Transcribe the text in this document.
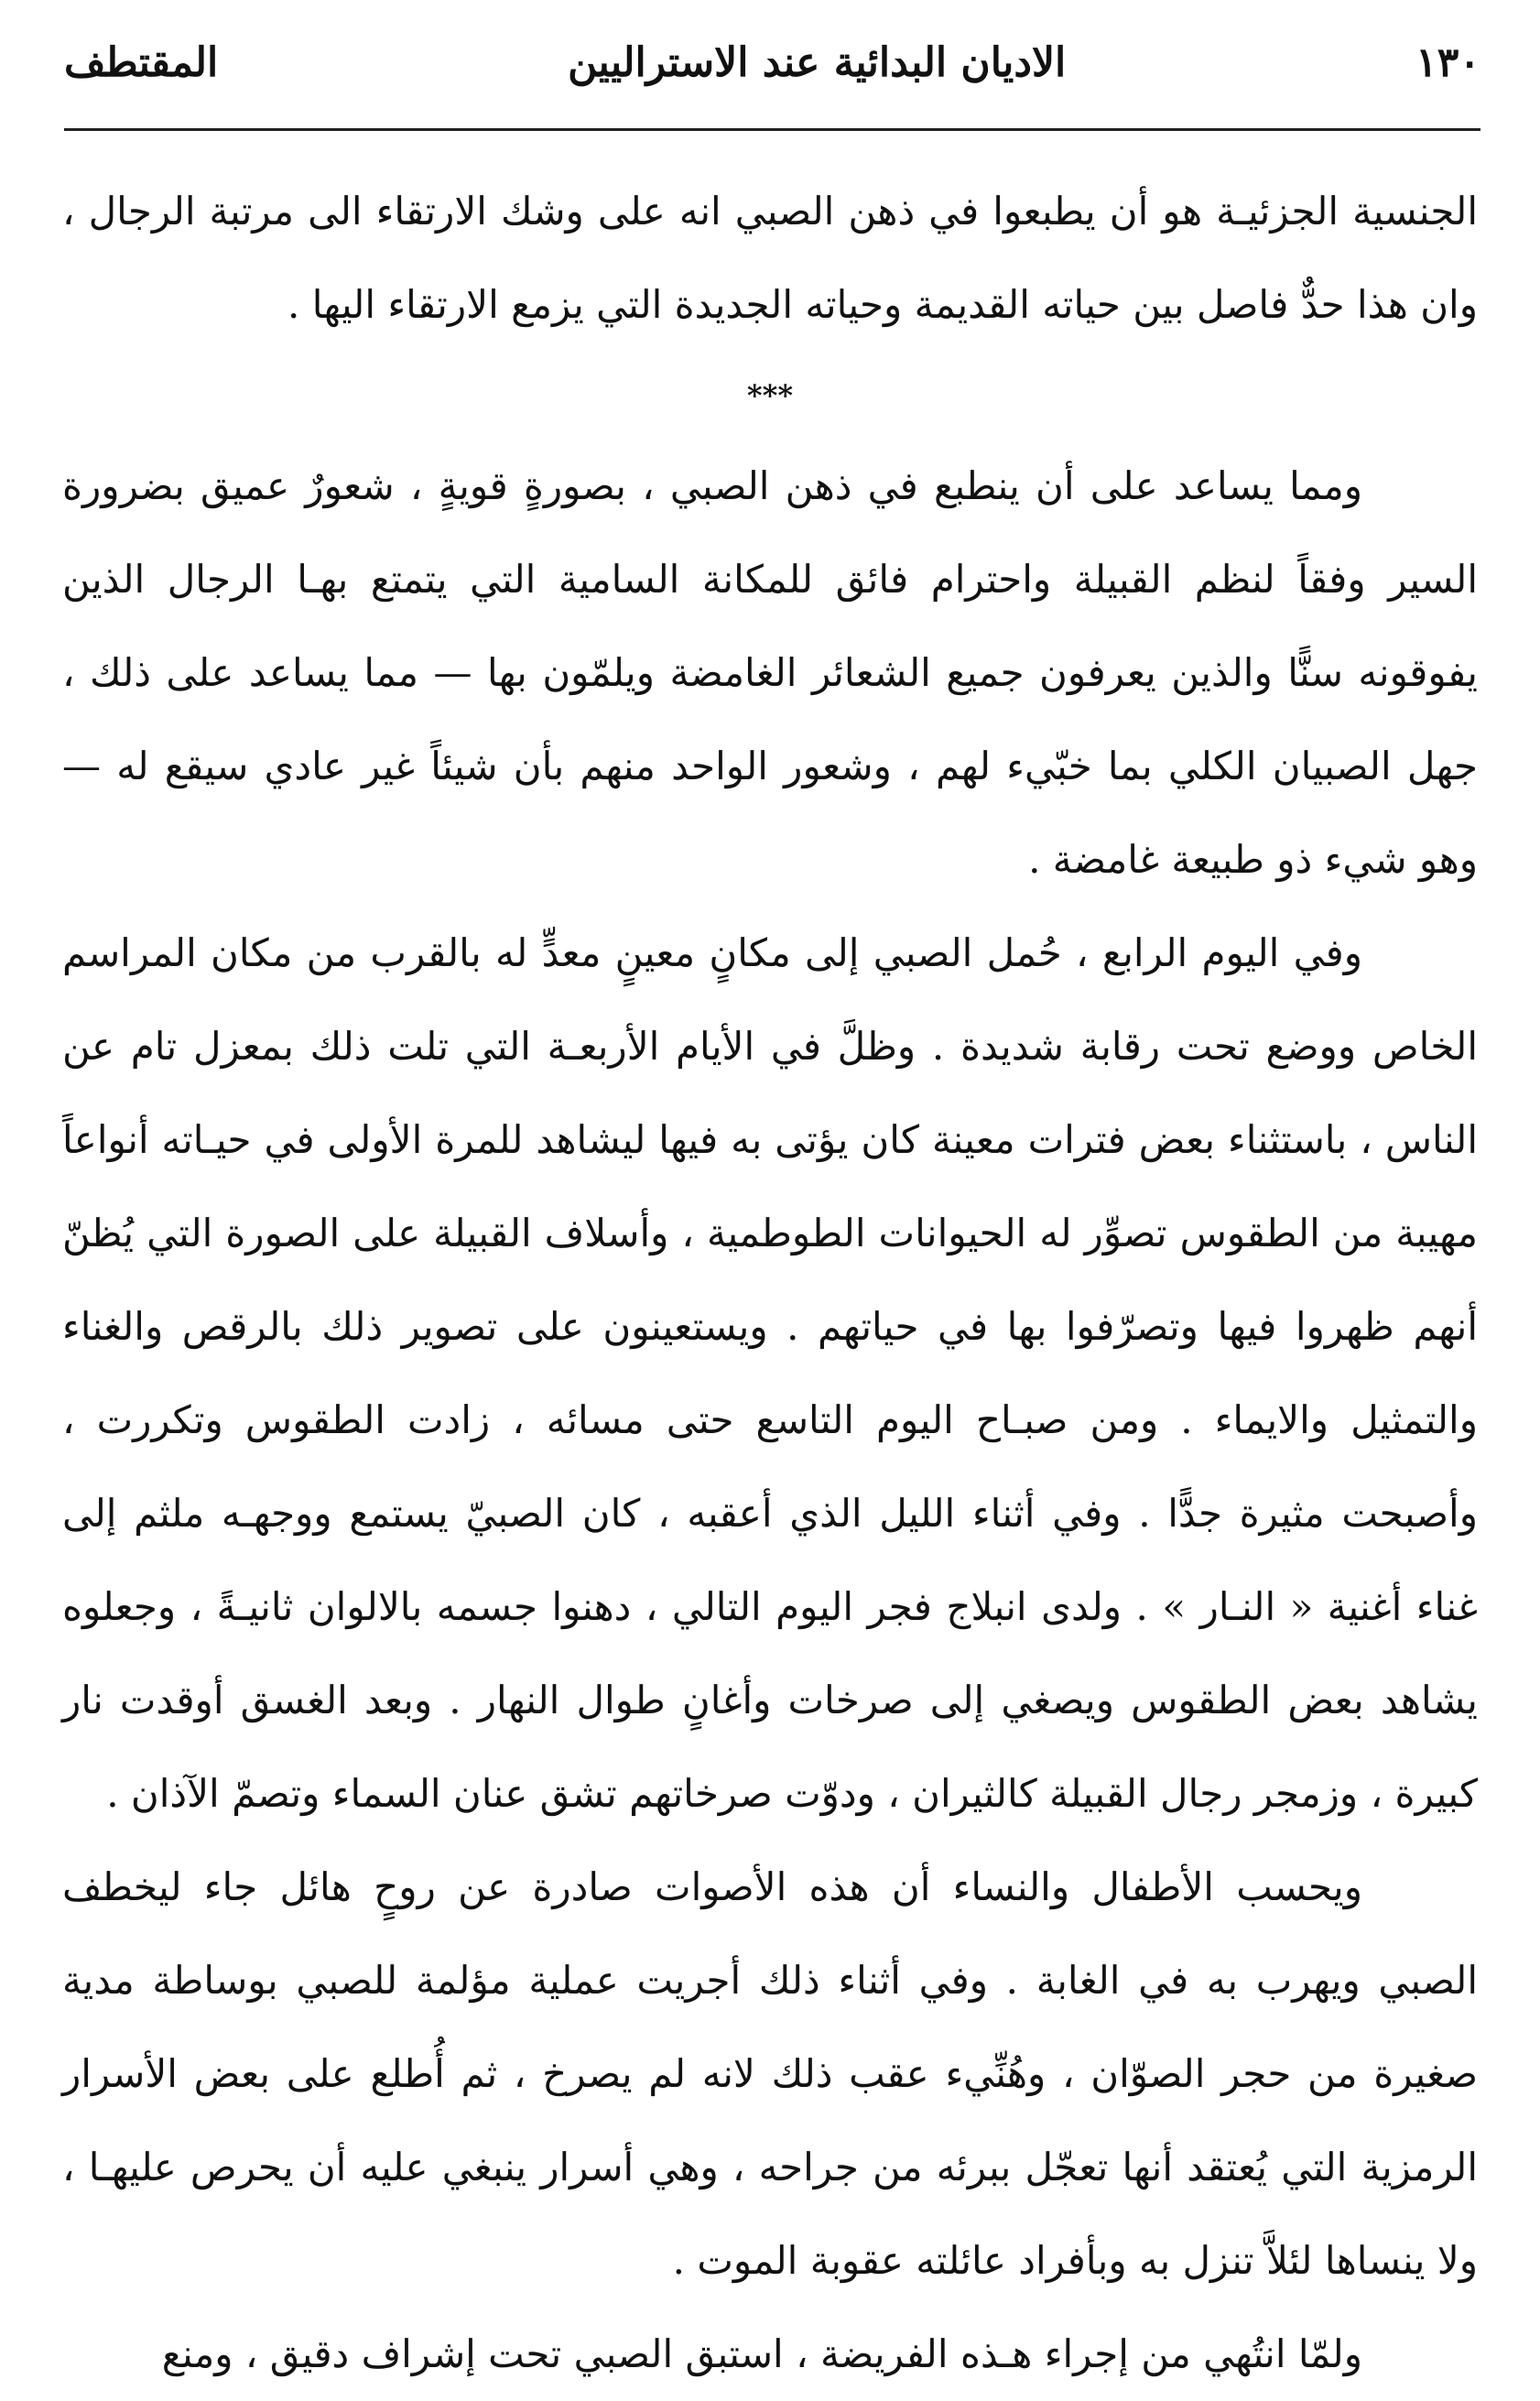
١٣٠
الاديان البدائية عند الاستراليين
المقتطف

الجنسية الجزئيـة هو أن يطبعوا في ذهن الصبي انه على وشك الارتقاء الى مرتبة الرجال ، وان هذا حدٌّ فاصل بين حياته القديمة وحياته الجديدة التي يزمع الارتقاء اليها .

***

ومما يساعد على أن ينطبع في ذهن الصبي ، بصورةٍ قويةٍ ، شعورٌ عميق بضرورة السير وفقاً لنظم القبيلة واحترام فائق للمكانة السامية التي يتمتع بهـا الرجال الذين يفوقونه سنًّا والذين يعرفون جميع الشعائر الغامضة ويلمّون بها — مما يساعد على ذلك ، جهل الصبيان الكلي بما خبّيء لهم ، وشعور الواحد منهم بأن شيئاً غير عادي سيقع له — وهو شيء ذو طبيعة غامضة .

وفي اليوم الرابع ، حُمل الصبي إلى مكانٍ معينٍ معدٍّ له بالقرب من مكان المراسم الخاص ووضع تحت رقابة شديدة . وظلَّ في الأيام الأربعـة التي تلت ذلك بمعزل تام عن الناس ، باستثناء بعض فترات معينة كان يؤتى به فيها ليشاهد للمرة الأولى في حيـاته أنواعاً مهيبة من الطقوس تصوِّر له الحيوانات الطوطمية ، وأسلاف القبيلة على الصورة التي يُظنّ أنهم ظهروا فيها وتصرّفوا بها في حياتهم . ويستعينون على تصوير ذلك بالرقص والغناء والتمثيل والايماء . ومن صبـاح اليوم التاسع حتى مسائه ، زادت الطقوس وتكررت ، وأصبحت مثيرة جدًّا . وفي أثناء الليل الذي أعقبه ، كان الصبيّ يستمع ووجهـه ملثم إلى غناء أغنية « النـار » . ولدى انبلاج فجر اليوم التالي ، دهنوا جسمه بالالوان ثانيـةً ، وجعلوه يشاهد بعض الطقوس ويصغي إلى صرخات وأغانٍ طوال النهار . وبعد الغسق أوقدت نار كبيرة ، وزمجر رجال القبيلة كالثيران ، ودوّت صرخاتهم تشق عنان السماء وتصمّ الآذان .

ويحسب الأطفال والنساء أن هذه الأصوات صادرة عن روحٍ هائل جاء ليخطف الصبي ويهرب به في الغابة . وفي أثناء ذلك أجريت عملية مؤلمة للصبي بوساطة مدية صغيرة من حجر الصوّان ، وهُنِّيء عقب ذلك لانه لم يصرخ ، ثم أُطلع على بعض الأسرار الرمزية التي يُعتقد أنها تعجّل ببرئه من جراحه ، وهي أسرار ينبغي عليه أن يحرص عليهـا ، ولا ينساها لئلاَّ تنزل به وبأفراد عائلته عقوبة الموت .

ولمّا انتُهي من إجراء هـذه الفريضة ، استبق الصبي تحت إشراف دقيق ، ومنع
